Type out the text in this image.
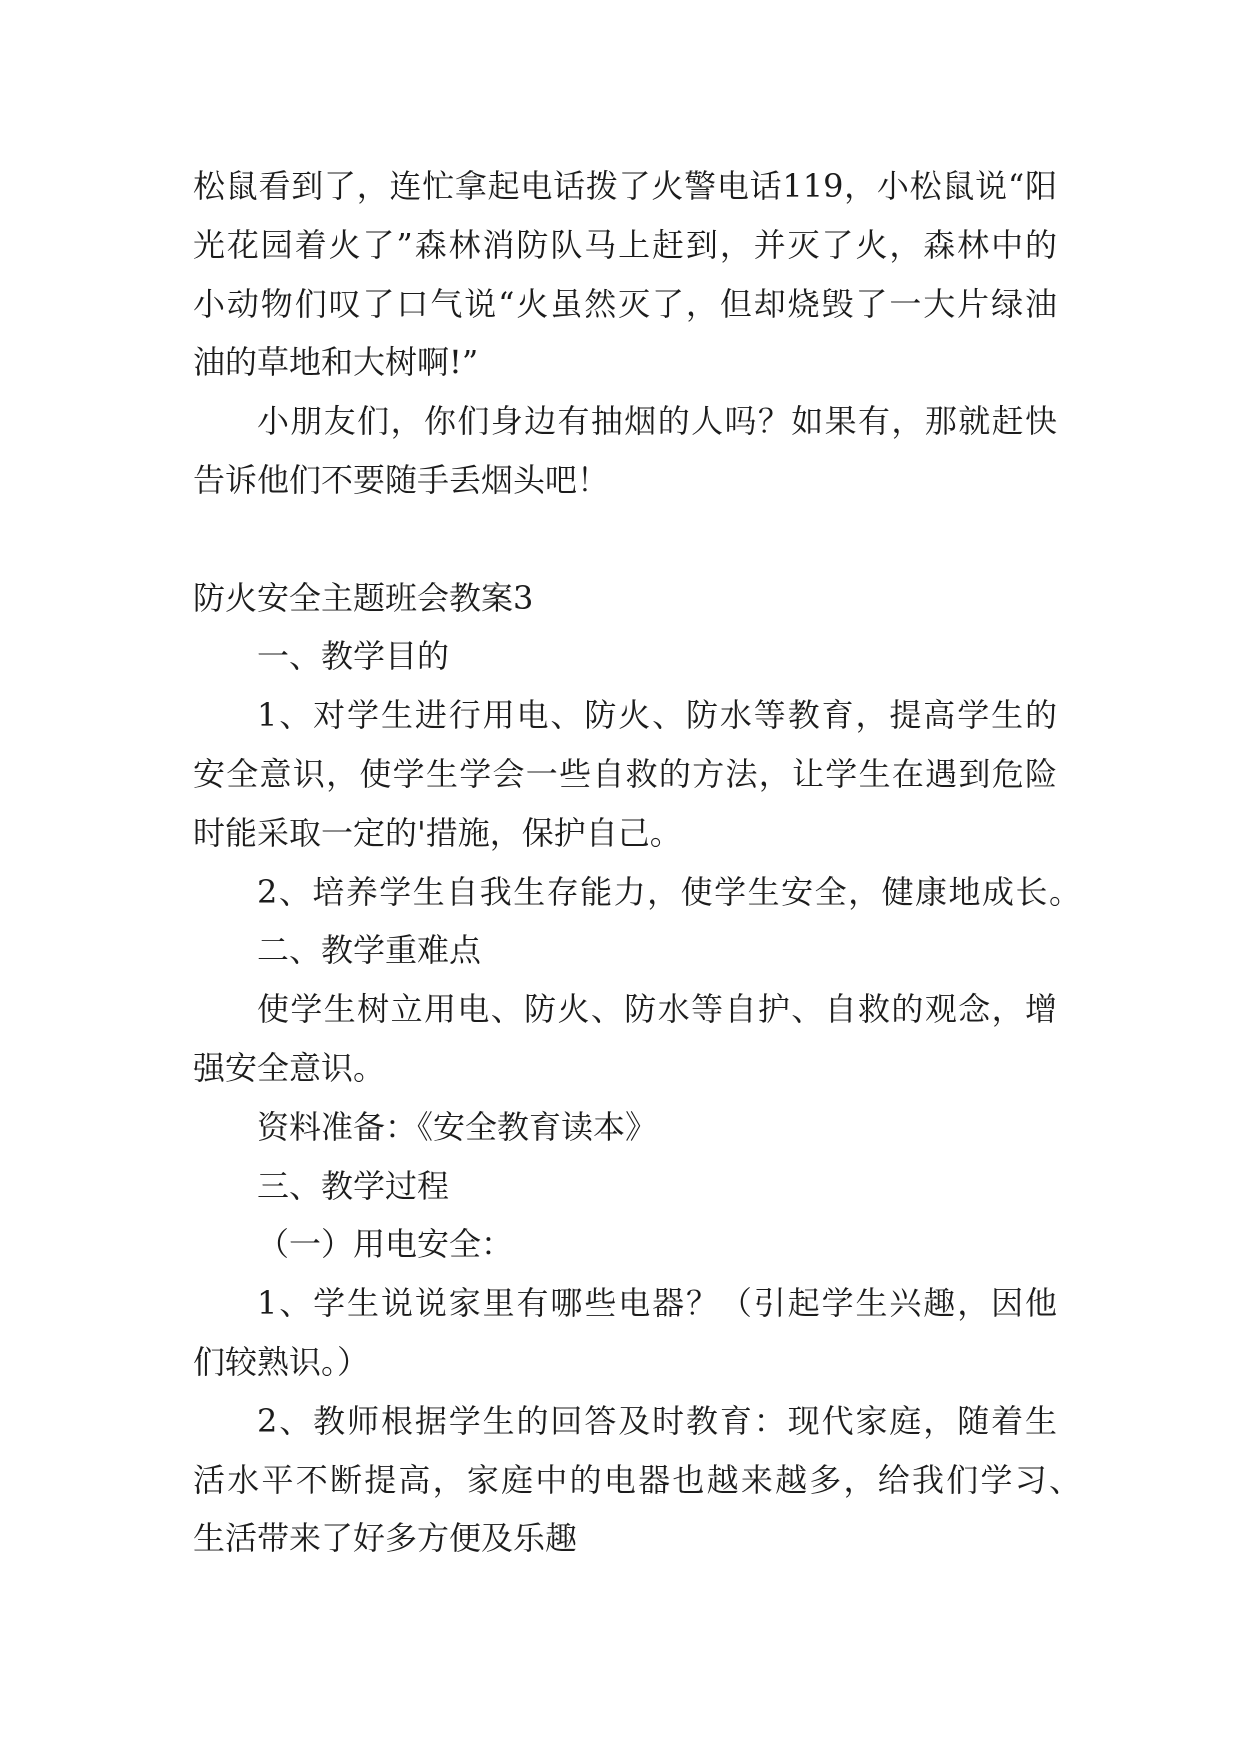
松鼠看到了，连忙拿起电话拨了火警电话119，小松鼠说“阳
光花园着火了”森林消防队马上赶到，并灭了火，森林中的
小动物们叹了口气说“火虽然灭了，但却烧毁了一大片绿油
油的草地和大树啊!”
小朋友们，你们身边有抽烟的人吗？如果有，那就赶快
告诉他们不要随手丢烟头吧！
防火安全主题班会教案3
一、教学目的
1、对学生进行用电、防火、防水等教育，提高学生的
安全意识，使学生学会一些自救的方法，让学生在遇到危险
时能采取一定的'措施，保护自己。
2、培养学生自我生存能力，使学生安全，健康地成长。
二、教学重难点
使学生树立用电、防火、防水等自护、自救的观念，增
强安全意识。
资料准备：《安全教育读本》
三、教学过程
（一）用电安全：
1、学生说说家里有哪些电器？（引起学生兴趣，因他
们较熟识。）
2、教师根据学生的回答及时教育：现代家庭，随着生
活水平不断提高，家庭中的电器也越来越多，给我们学习、
生活带来了好多方便及乐趣
